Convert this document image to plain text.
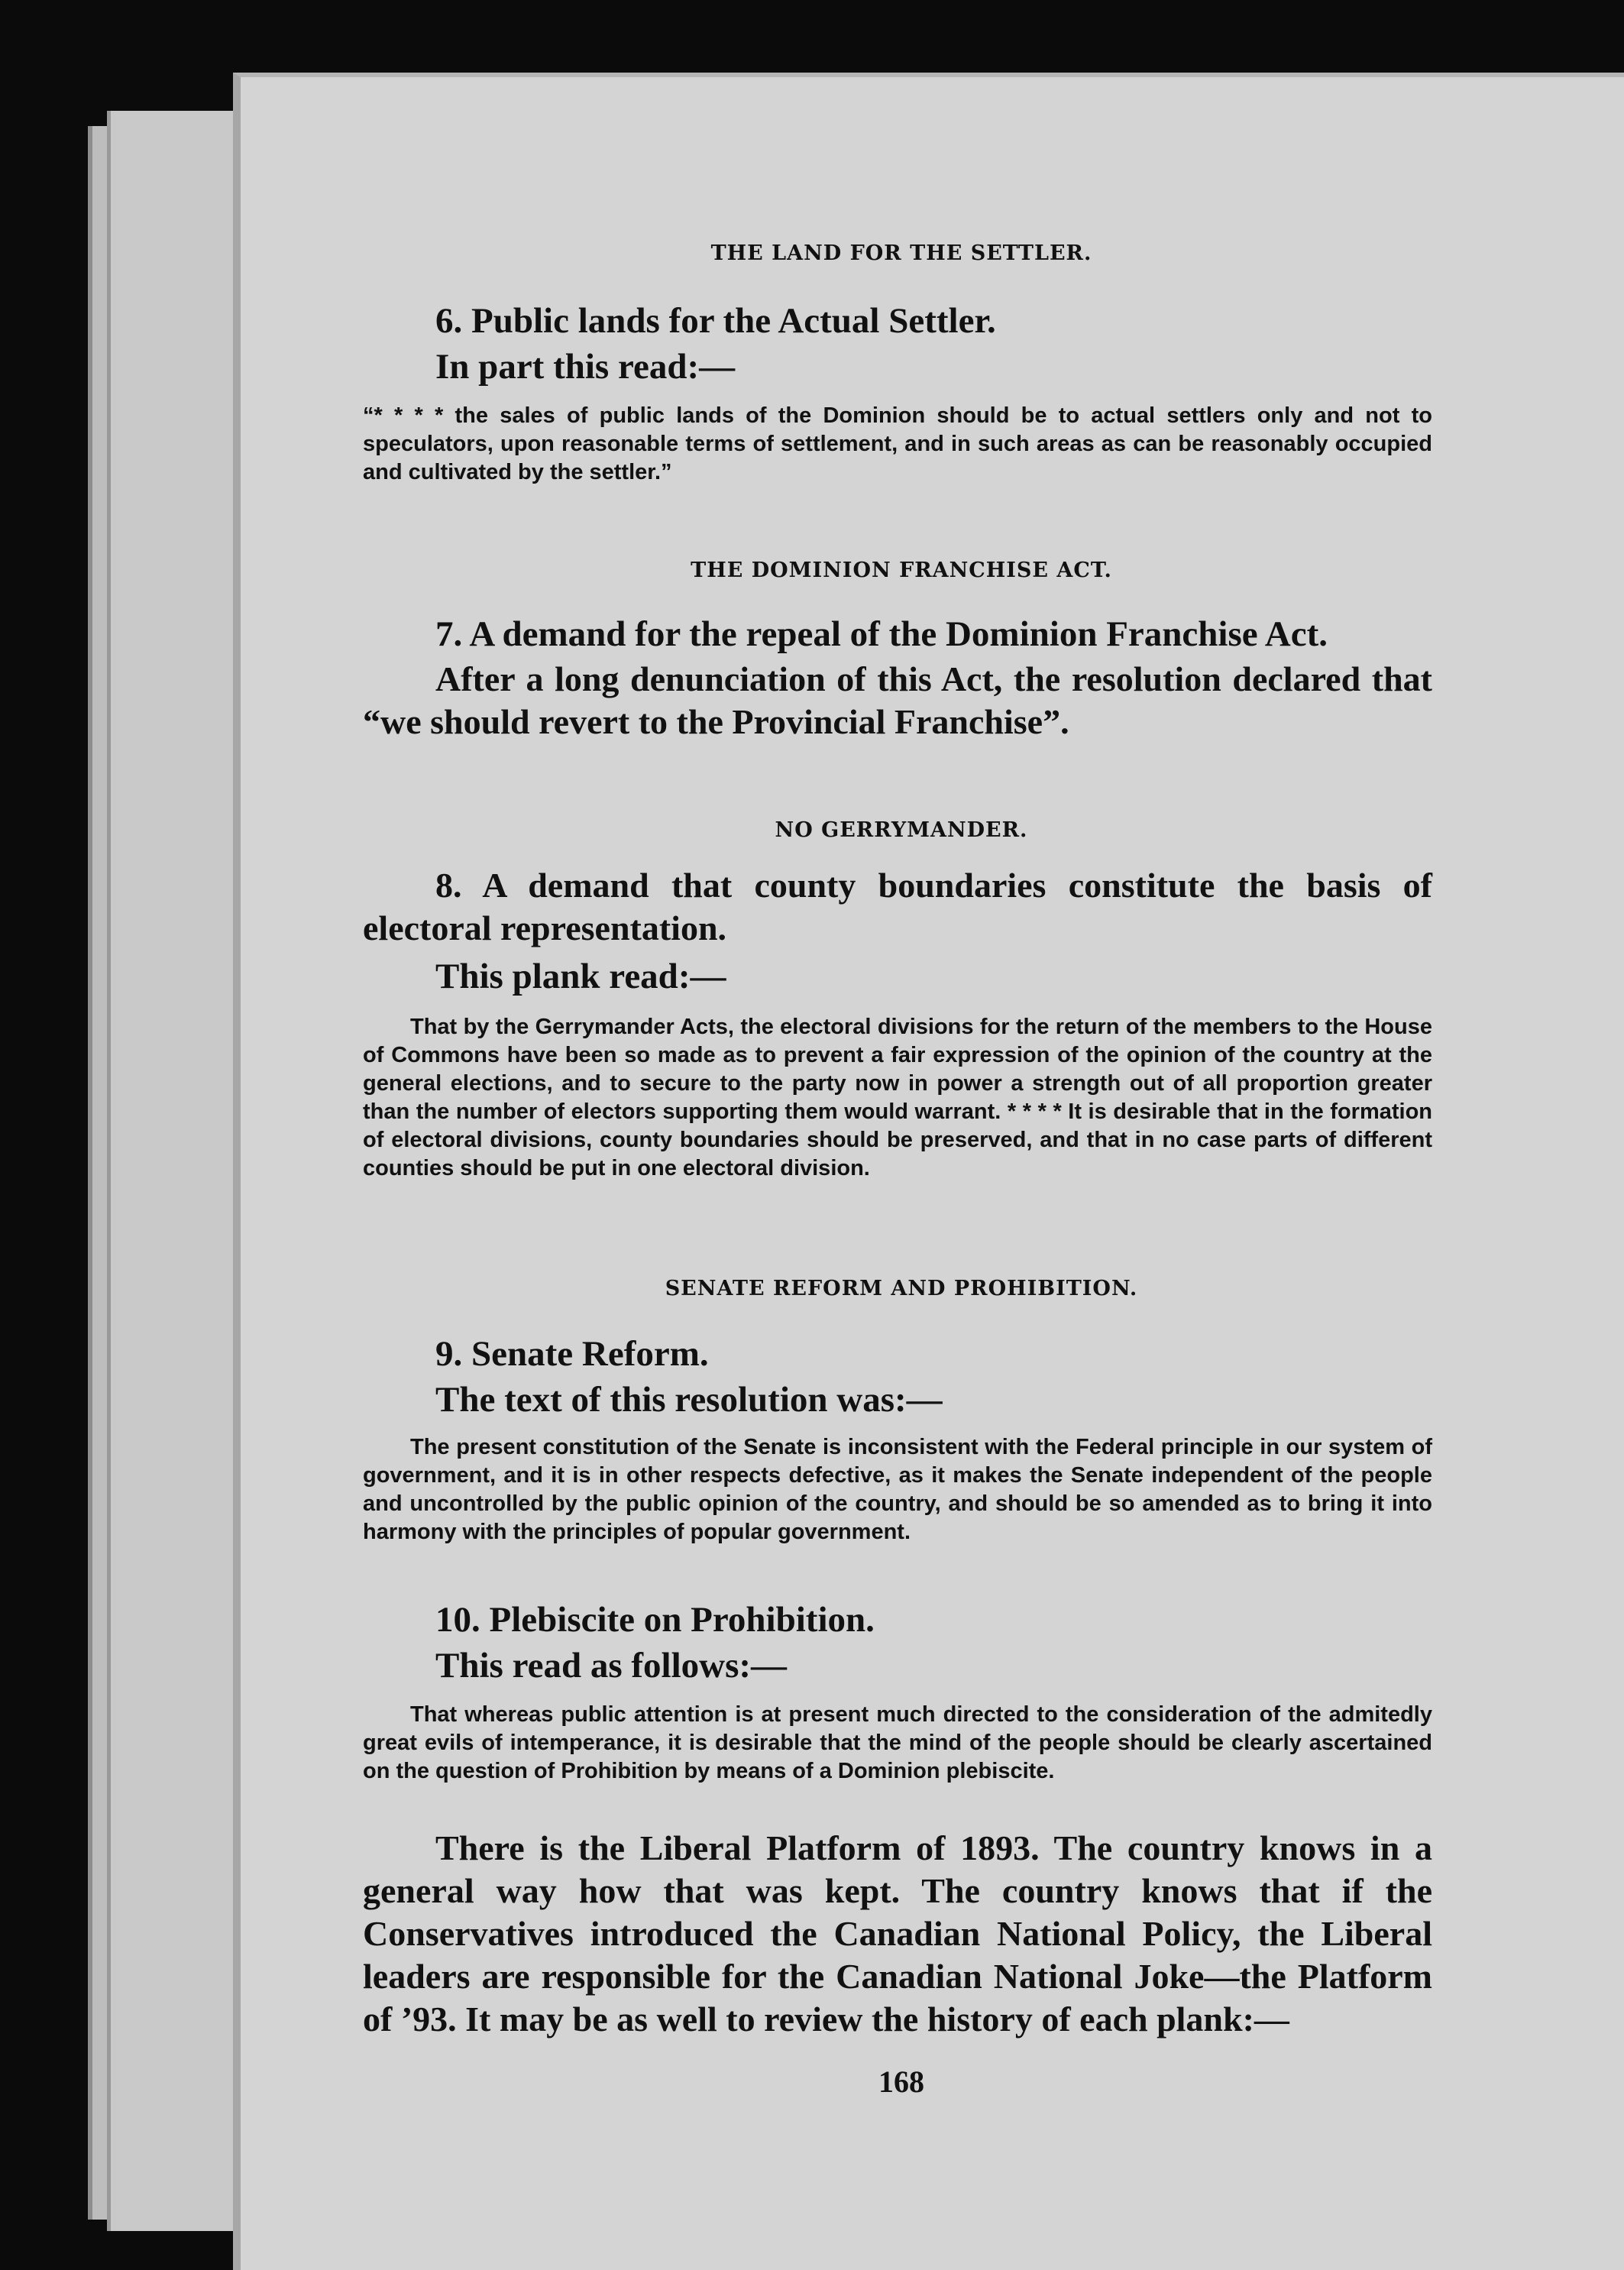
THE LAND FOR THE SETTLER.
6. Public lands for the Actual Settler.
In part this read:—
“* * * * the sales of public lands of the Dominion should be to actual settlers only and not to speculators, upon reasonable terms of settlement, and in such areas as can be reasonably occupied and cultivated by the settler.”
THE DOMINION FRANCHISE ACT.
7. A demand for the repeal of the Dominion Franchise Act.
After a long denunciation of this Act, the resolution declared that “we should revert to the Provincial Franchise”.
NO GERRYMANDER.
8. A demand that county boundaries constitute the basis of electoral representation.
This plank read:—
That by the Gerrymander Acts, the electoral divisions for the return of the members to the House of Commons have been so made as to prevent a fair expression of the opinion of the country at the general elections, and to secure to the party now in power a strength out of all proportion greater than the number of electors supporting them would warrant. * * * * It is desirable that in the formation of electoral divisions, county boundaries should be preserved, and that in no case parts of different counties should be put in one electoral division.
SENATE REFORM AND PROHIBITION.
9. Senate Reform.
The text of this resolution was:—
The present constitution of the Senate is inconsistent with the Federal principle in our system of government, and it is in other respects defective, as it makes the Senate independent of the people and uncontrolled by the public opinion of the country, and should be so amended as to bring it into harmony with the principles of popular government.
10. Plebiscite on Prohibition.
This read as follows:—
That whereas public attention is at present much directed to the consideration of the admitedly great evils of intemperance, it is desirable that the mind of the people should be clearly ascertained on the question of Prohibition by means of a Dominion plebiscite.
There is the Liberal Platform of 1893. The country knows in a general way how that was kept. The country knows that if the Conservatives introduced the Canadian National Policy, the Liberal leaders are responsible for the Canadian National Joke—the Platform of ’93. It may be as well to review the history of each plank:—
168
